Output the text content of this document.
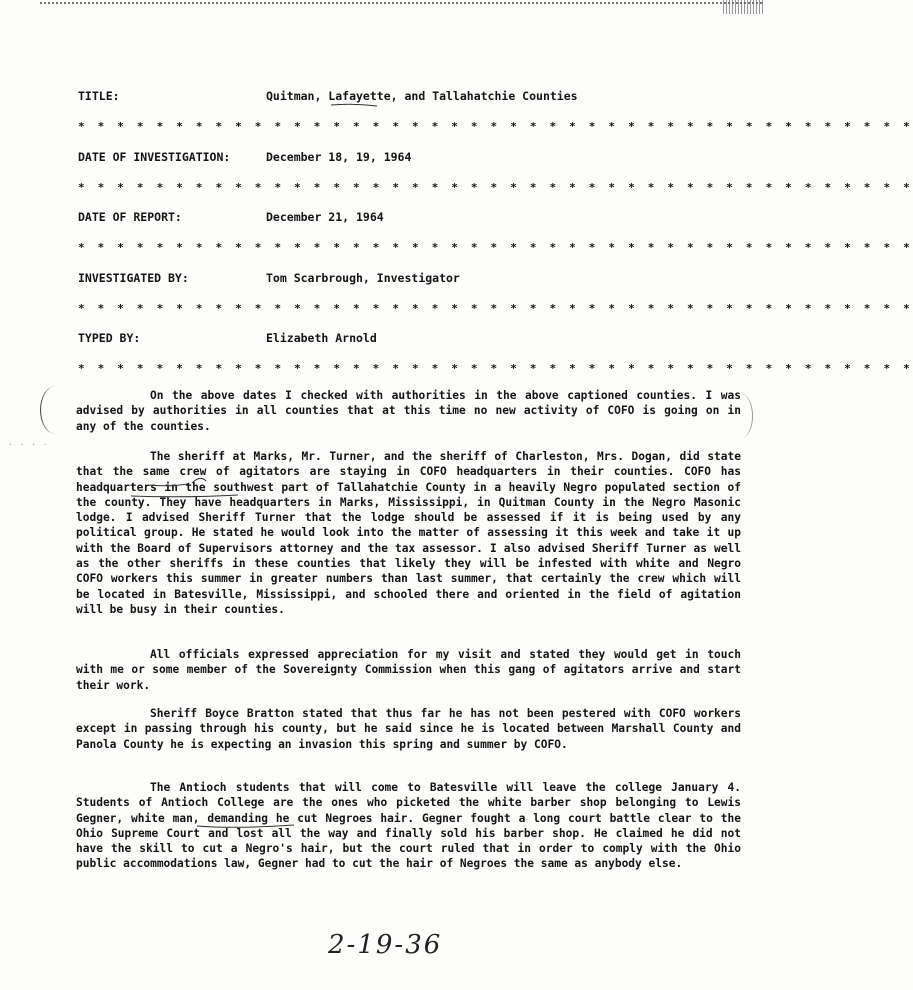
TITLE:	Quitman, Lafayette, and Tallahatchie Counties
* * * * * * * * * * * * * * * * * * * * * * * * * * * * * * * * * * * * * * * * * * *
DATE OF INVESTIGATION:	December 18, 19, 1964
* * * * * * * * * * * * * * * * * * * * * * * * * * * * * * * * * * * * * * * * * * *
DATE OF REPORT:	December 21, 1964
* * * * * * * * * * * * * * * * * * * * * * * * * * * * * * * * * * * * * * * * * * *
INVESTIGATED BY:	Tom Scarbrough, Investigator
* * * * * * * * * * * * * * * * * * * * * * * * * * * * * * * * * * * * * * * * * * *
TYPED BY:	Elizabeth Arnold
* * * * * * * * * * * * * * * * * * * * * * * * * * * * * * * * * * * * * * * * * * *
· · · ·

On the above dates I checked with authorities in the above captioned counties. I was advised by authorities in all counties that at this time no new activity of COFO is going on in any of the counties.

The sheriff at Marks, Mr. Turner, and the sheriff of Charleston, Mrs. Dogan, did state that the same crew of agitators are staying in COFO headquarters in their counties. COFO has headquarters in the southwest part of Tallahatchie County in a heavily Negro populated section of the county. They have headquarters in Marks, Mississippi, in Quitman County in the Negro Masonic lodge. I advised Sheriff Turner that the lodge should be assessed if it is being used by any political group. He stated he would look into the matter of assessing it this week and take it up with the Board of Supervisors attorney and the tax assessor. I also advised Sheriff Turner as well as the other sheriffs in these counties that likely they will be infested with white and Negro COFO workers this summer in greater numbers than last summer, that certainly the crew which will be located in Batesville, Mississippi, and schooled there and oriented in the field of agitation will be busy in their counties.

All officials expressed appreciation for my visit and stated they would get in touch with me or some member of the Sovereignty Commission when this gang of agitators arrive and start their work.

Sheriff Boyce Bratton stated that thus far he has not been pestered with COFO workers except in passing through his county, but he said since he is located between Marshall County and Panola County he is expecting an invasion this spring and summer by COFO.

The Antioch students that will come to Batesville will leave the college January 4. Students of Antioch College are the ones who picketed the white barber shop belonging to Lewis Gegner, white man, demanding he cut Negroes hair. Gegner fought a long court battle clear to the Ohio Supreme Court and lost all the way and finally sold his barber shop. He claimed he did not have the skill to cut a Negro's hair, but the court ruled that in order to comply with the Ohio public accommodations law, Gegner had to cut the hair of Negroes the same as anybody else.

2-19-36
